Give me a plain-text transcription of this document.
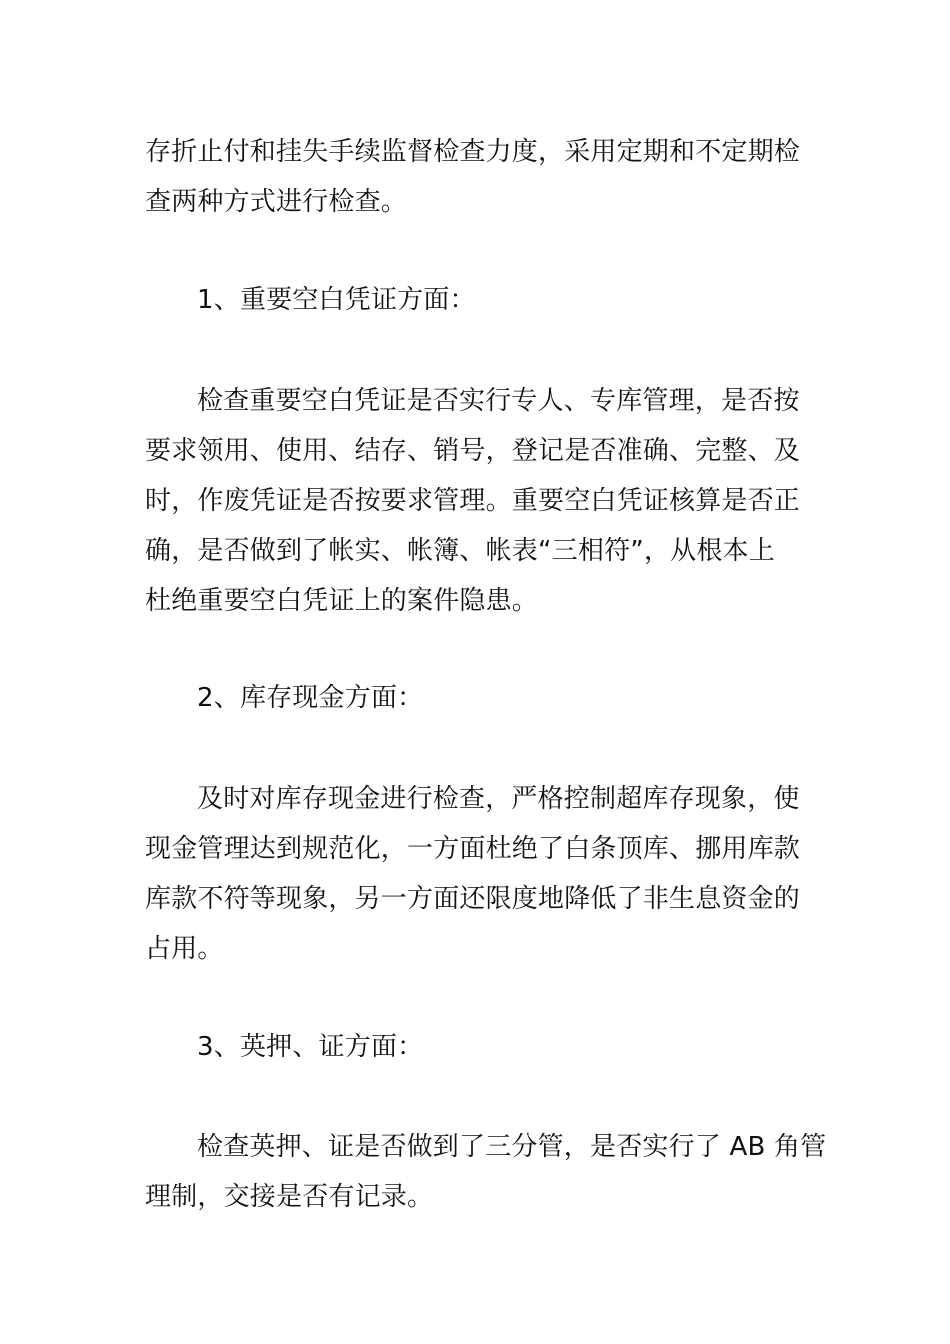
存折止付和挂失手续监督检查力度，采用定期和不定期检
查两种方式进行检查。
1、重要空白凭证方面：
检查重要空白凭证是否实行专人、专库管理，是否按
要求领用、使用、结存、销号，登记是否准确、完整、及
时，作废凭证是否按要求管理。重要空白凭证核算是否正
确，是否做到了帐实、帐簿、帐表“三相符”，从根本上
杜绝重要空白凭证上的案件隐患。
2、库存现金方面：
及时对库存现金进行检查，严格控制超库存现象，使
现金管理达到规范化，一方面杜绝了白条顶库、挪用库款
库款不符等现象，另一方面还限度地降低了非生息资金的
占用。
3、英押、证方面：
检查英押、证是否做到了三分管，是否实行了 AB 角管
理制，交接是否有记录。
